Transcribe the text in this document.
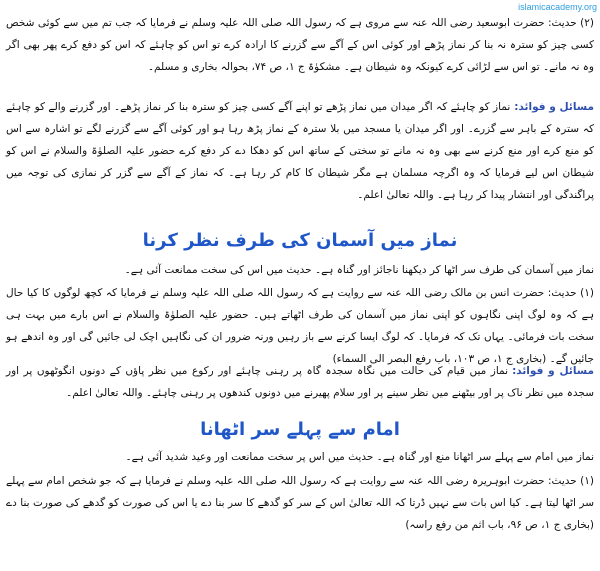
islamicacademy.org

(۲) حدیث: حضرت ابوسعید رضی اللہ عنہ سے مروی ہے کہ رسول اللہ صلی اللہ علیہ وسلم نے فرمایا کہ جب تم میں سے کوئی شخص کسی چیز کو سترہ نہ بنا کر نماز پڑھے اور کوئی اس کے آگے سے گزرنے کا ارادہ کرے تو اس کو چاہئے کہ اس کو دفع کرے پھر بھی اگر وہ نہ مانے۔ تو اس سے لڑائی کرے کیونکہ وہ شیطان ہے۔ مشکوٰۃ ج ۱، ص ۷۴، بحوالہ بخاری و مسلم۔

مسائل و فوائد:نماز کو چاہئے کہ اگر میدان میں نماز پڑھے تو اپنے آگے کسی چیز کو سترہ بنا کر نماز پڑھے۔ اور گزرنے والے کو چاہئے کہ سترہ کے باہر سے گزرے۔ اور اگر میدان یا مسجد میں بلا سترہ کے نماز پڑھ رہا ہو اور کوئی آگے سے گزرنے لگے تو اشارہ سے اس کو منع کرے اور منع کرنے سے بھی وہ نہ مانے تو سختی کے ساتھ اس کو دھکا دے کر دفع کرے حضور علیہ الصلوٰۃ والسلام نے اس کو شیطان اس لیے فرمایا کہ وہ اگرچہ مسلمان ہے مگر شیطان کا کام کر رہا ہے۔ کہ نماز کے آگے سے گزر کر نمازی کی توجہ میں پراگندگی اور انتشار پیدا کر رہا ہے۔ واللہ تعالیٰ اعلم۔

نماز میں آسمان کی طرف نظر کرنا

نماز میں آسمان کی طرف سر اٹھا کر دیکھنا ناجائز اور گناہ ہے۔ حدیث میں اس کی سخت ممانعت آئی ہے۔

(۱) حدیث: حضرت انس بن مالک رضی اللہ عنہ سے روایت ہے کہ رسول اللہ صلی اللہ علیہ وسلم نے فرمایا کہ کچھ لوگوں کا کیا حال ہے کہ وہ لوگ اپنی نگاہوں کو اپنی نماز میں آسمان کی طرف اٹھاتے ہیں۔ حضور علیہ الصلوٰۃ والسلام نے اس بارے میں بہت ہی سخت بات فرمائی۔ یہاں تک کہ فرمایا۔ کہ لوگ ایسا کرنے سے باز رہیں ورنہ ضرور ان کی نگاہیں اچک لی جائیں گی اور وہ اندھے ہو جائیں گے۔ (بخاری ج ۱، ص ۱۰۳، باب رفع البصر الی السماء)

مسائل و فوائد:نماز میں قیام کی حالت میں نگاہ سجدہ گاہ پر رہنی چاہئے اور رکوع میں نظر پاؤں کے دونوں انگوٹھوں پر اور سجدہ میں نظر ناک پر اور بیٹھنے میں نظر سینے پر اور سلام پھیرنے میں دونوں کندھوں پر رہنی چاہئے۔ واللہ تعالیٰ اعلم۔

امام سے پہلے سر اٹھانا

نماز میں امام سے پہلے سر اٹھانا منع اور گناہ ہے۔ حدیث میں اس پر سخت ممانعت اور وعید شدید آئی ہے۔

(۱) حدیث: حضرت ابوہریرہ رضی اللہ عنہ سے روایت ہے کہ رسول اللہ صلی اللہ علیہ وسلم نے فرمایا ہے کہ جو شخص امام سے پہلے سر اٹھا لیتا ہے۔ کیا اس بات سے نہیں ڈرتا کہ اللہ تعالیٰ اس کے سر کو گدھے کا سر بنا دے یا اس کی صورت کو گدھے کی صورت بنا دے (بخاری ج ۱، ص ۹۶، باب اثم من رفع راسہ)
